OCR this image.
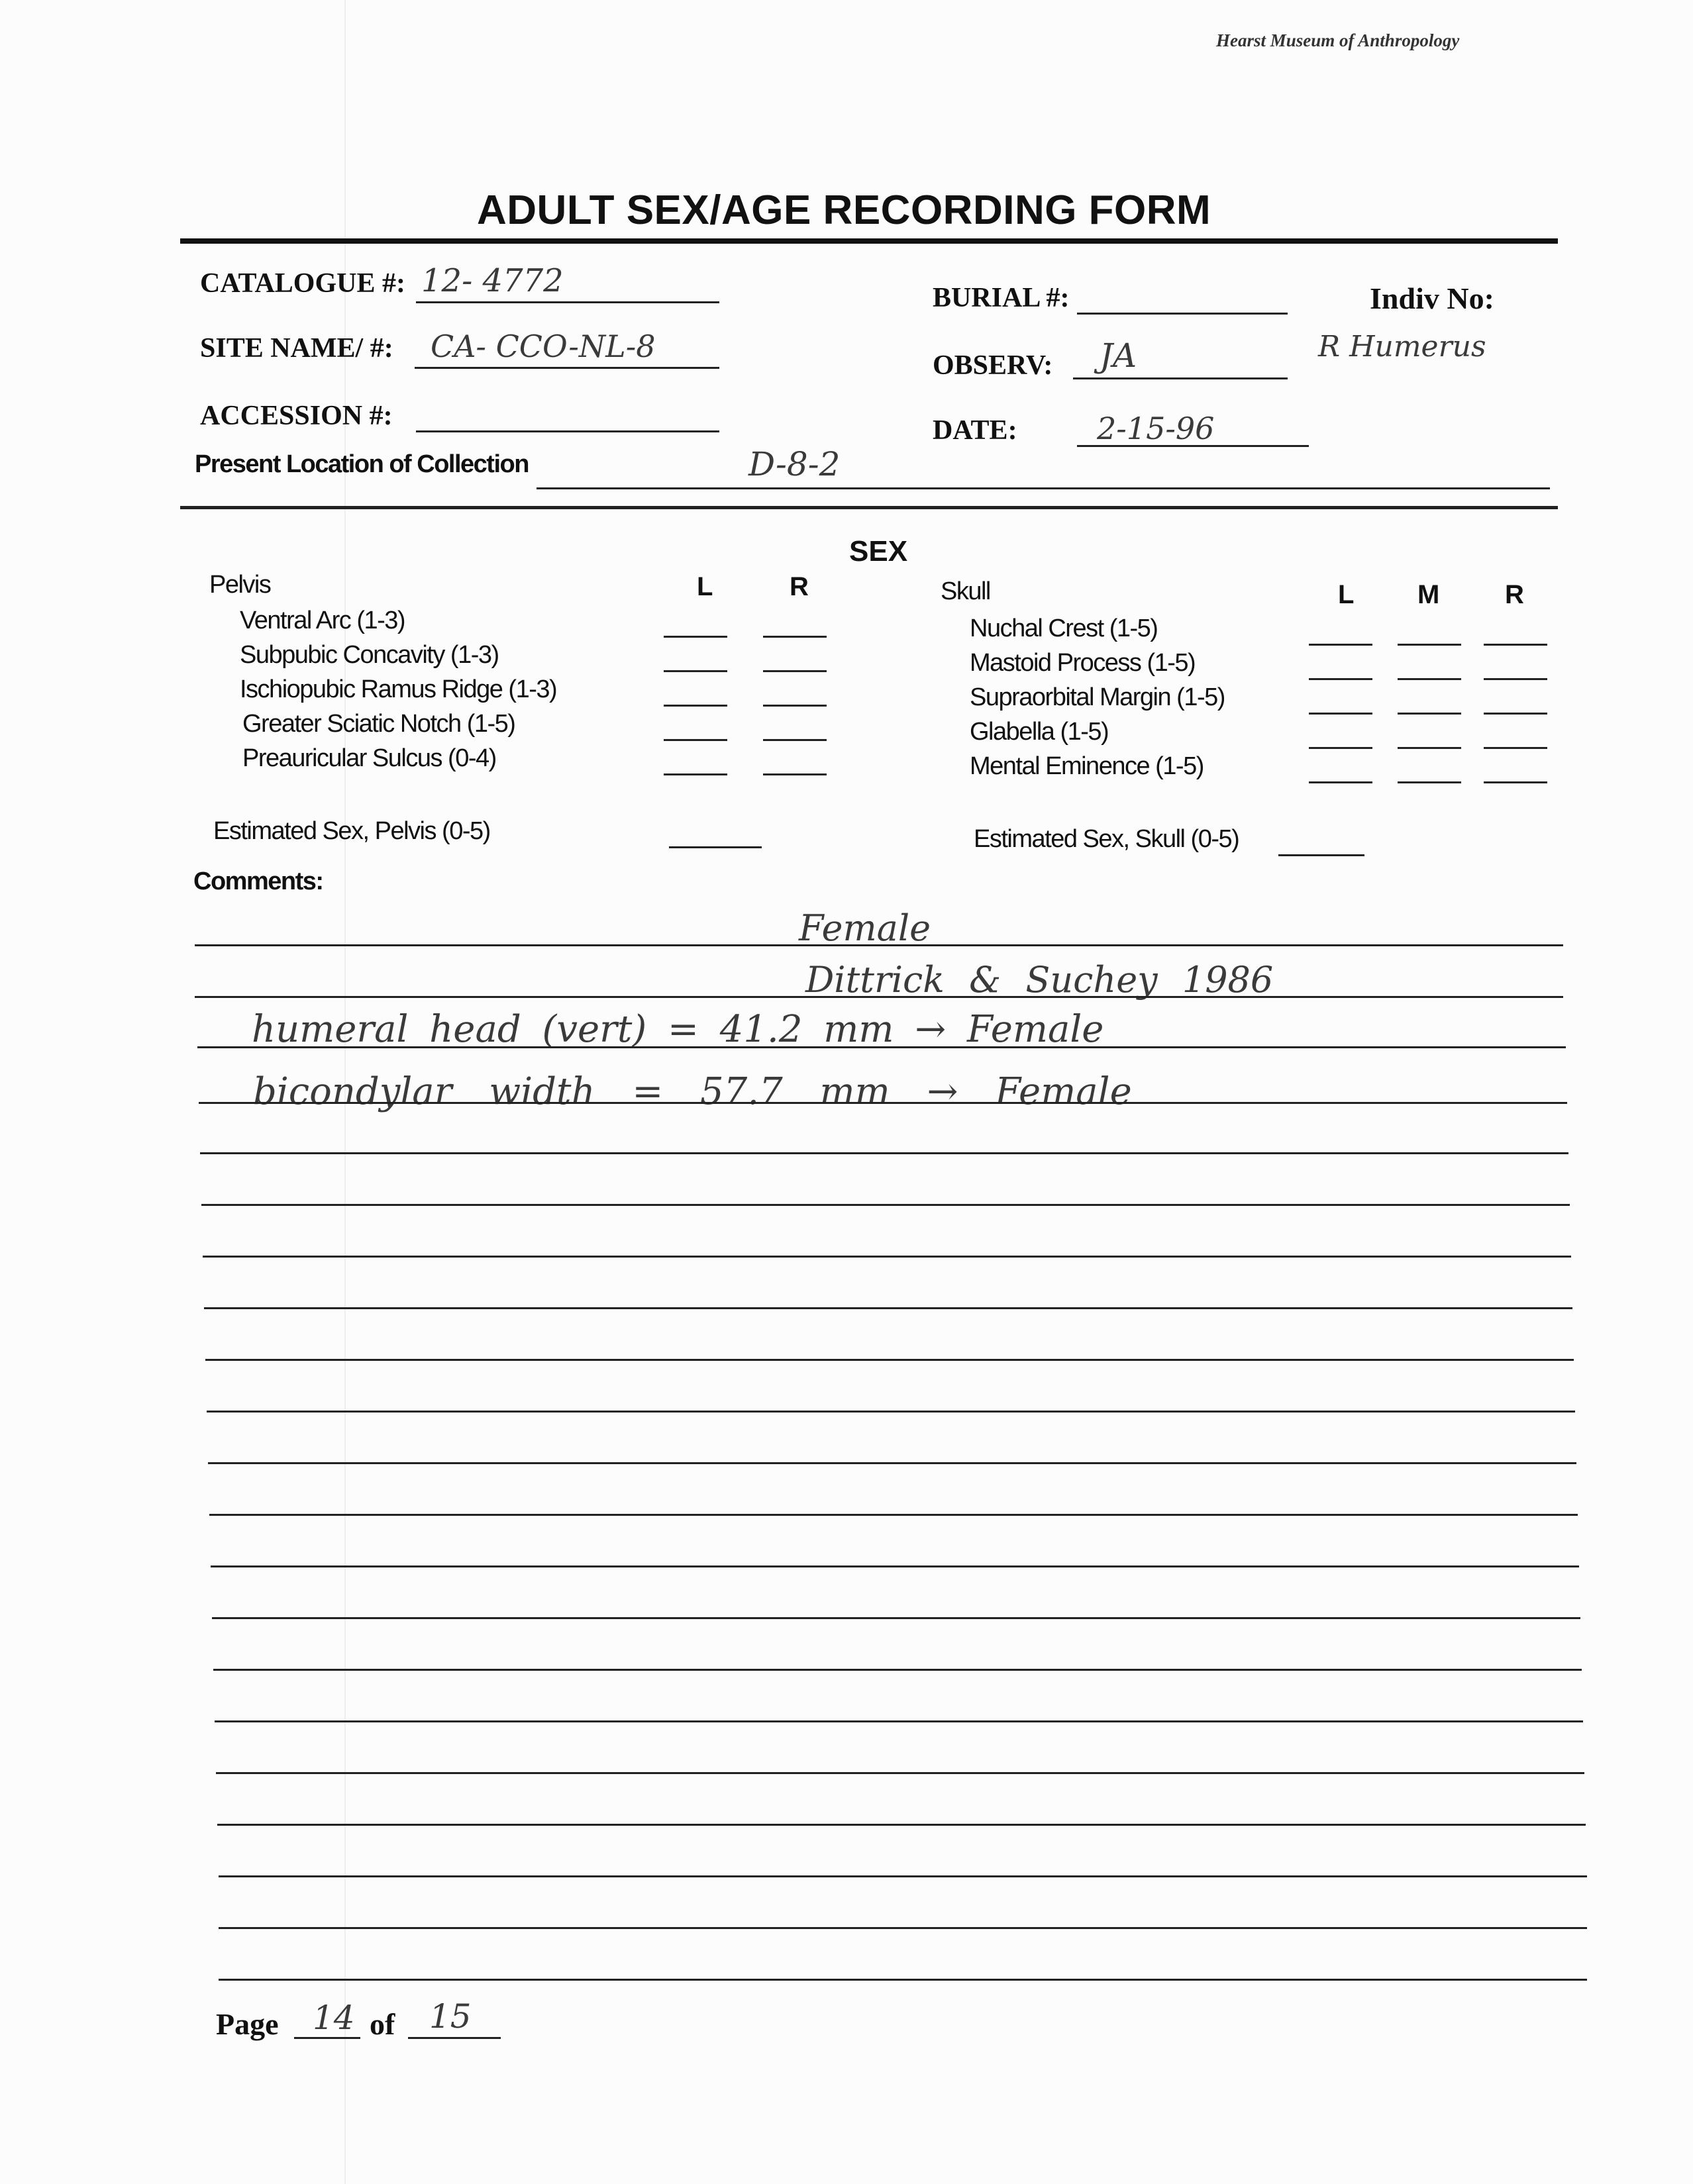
Hearst Museum of Anthropology
ADULT SEX/AGE RECORDING FORM
CATALOGUE #: 12- 4772	BURIAL #:	Indiv No:
R Humerus
SITE NAME/ #: CA- CCO-NL-8
OBSERV: JA
ACCESSION #:	DATE:	2-15-96
Present Location of Collection	D-8-2
SEX
Pelvis	L	R
Ventral Arc (1-3)
Subpubic Concavity (1-3)
Ischiopubic Ramus Ridge (1-3)
Greater Sciatic Notch (1-5)
Preauricular Sulcus (0-4)
Skull	L M R
Nuchal Crest (1-5)
Mastoid Process (1-5)
Supraorbital Margin (1-5)
Glabella (1-5)
Mental Eminence (1-5)
Estimated Sex, Pelvis (0-5)	Estimated Sex, Skull (0-5)
Comments:
Female
Dittrick & Suchey 1986
humeral head (vert) = 41.2 mm → Female
bicondylar width = 57.7 mm → Female
Page 14 of 15
